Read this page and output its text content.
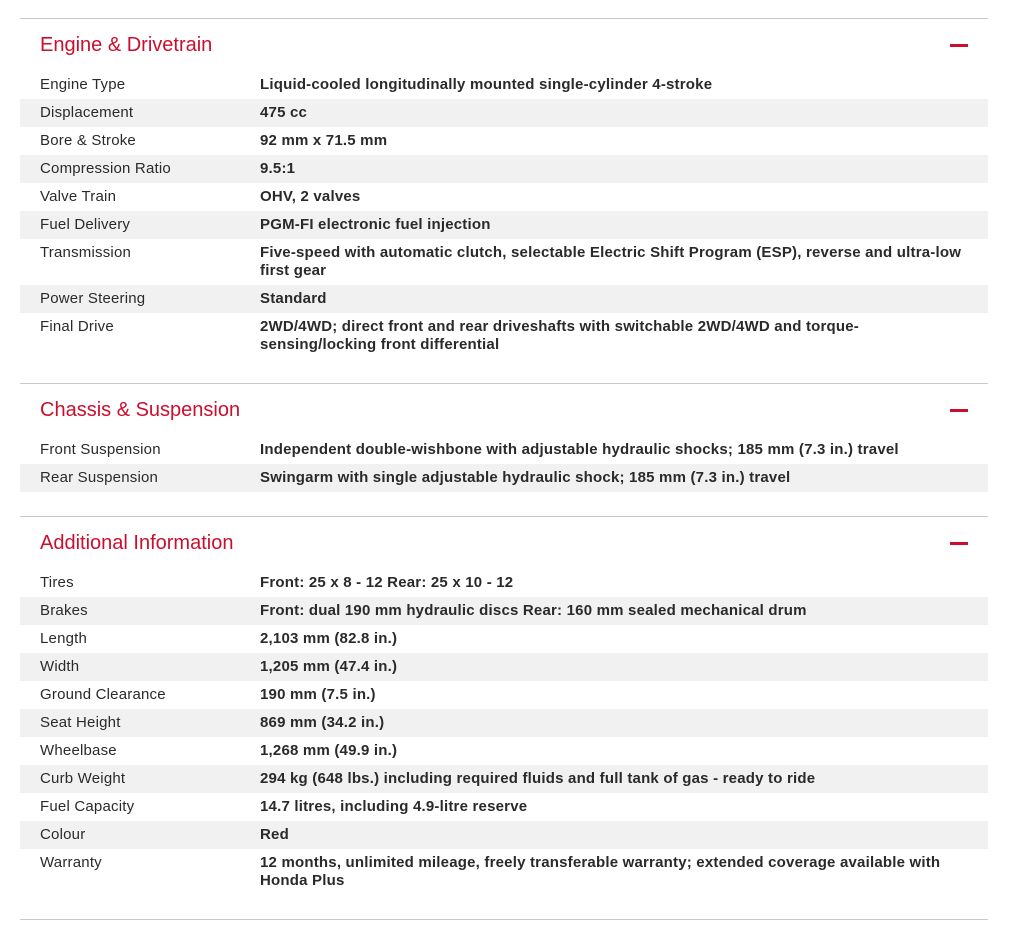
Engine & Drivetrain
Engine Type	Liquid-cooled longitudinally mounted single-cylinder 4-stroke
Displacement	475 cc
Bore & Stroke	92 mm x 71.5 mm
Compression Ratio	9.5:1
Valve Train	OHV, 2 valves
Fuel Delivery	PGM-FI electronic fuel injection
Transmission	Five-speed with automatic clutch, selectable Electric Shift Program (ESP), reverse and ultra-low first gear
Power Steering	Standard
Final Drive	2WD/4WD; direct front and rear driveshafts with switchable 2WD/4WD and torque-sensing/locking front differential
Chassis & Suspension
Front Suspension	Independent double-wishbone with adjustable hydraulic shocks; 185 mm (7.3 in.) travel
Rear Suspension	Swingarm with single adjustable hydraulic shock; 185 mm (7.3 in.) travel
Additional Information
Tires	Front: 25 x 8 - 12 Rear: 25 x 10 - 12
Brakes	Front: dual 190 mm hydraulic discs Rear: 160 mm sealed mechanical drum
Length	2,103 mm (82.8 in.)
Width	1,205 mm (47.4 in.)
Ground Clearance	190 mm (7.5 in.)
Seat Height	869 mm (34.2 in.)
Wheelbase	1,268 mm (49.9 in.)
Curb Weight	294 kg (648 lbs.) including required fluids and full tank of gas - ready to ride
Fuel Capacity	14.7 litres, including 4.9-litre reserve
Colour	Red
Warranty	12 months, unlimited mileage, freely transferable warranty; extended coverage available with Honda Plus
